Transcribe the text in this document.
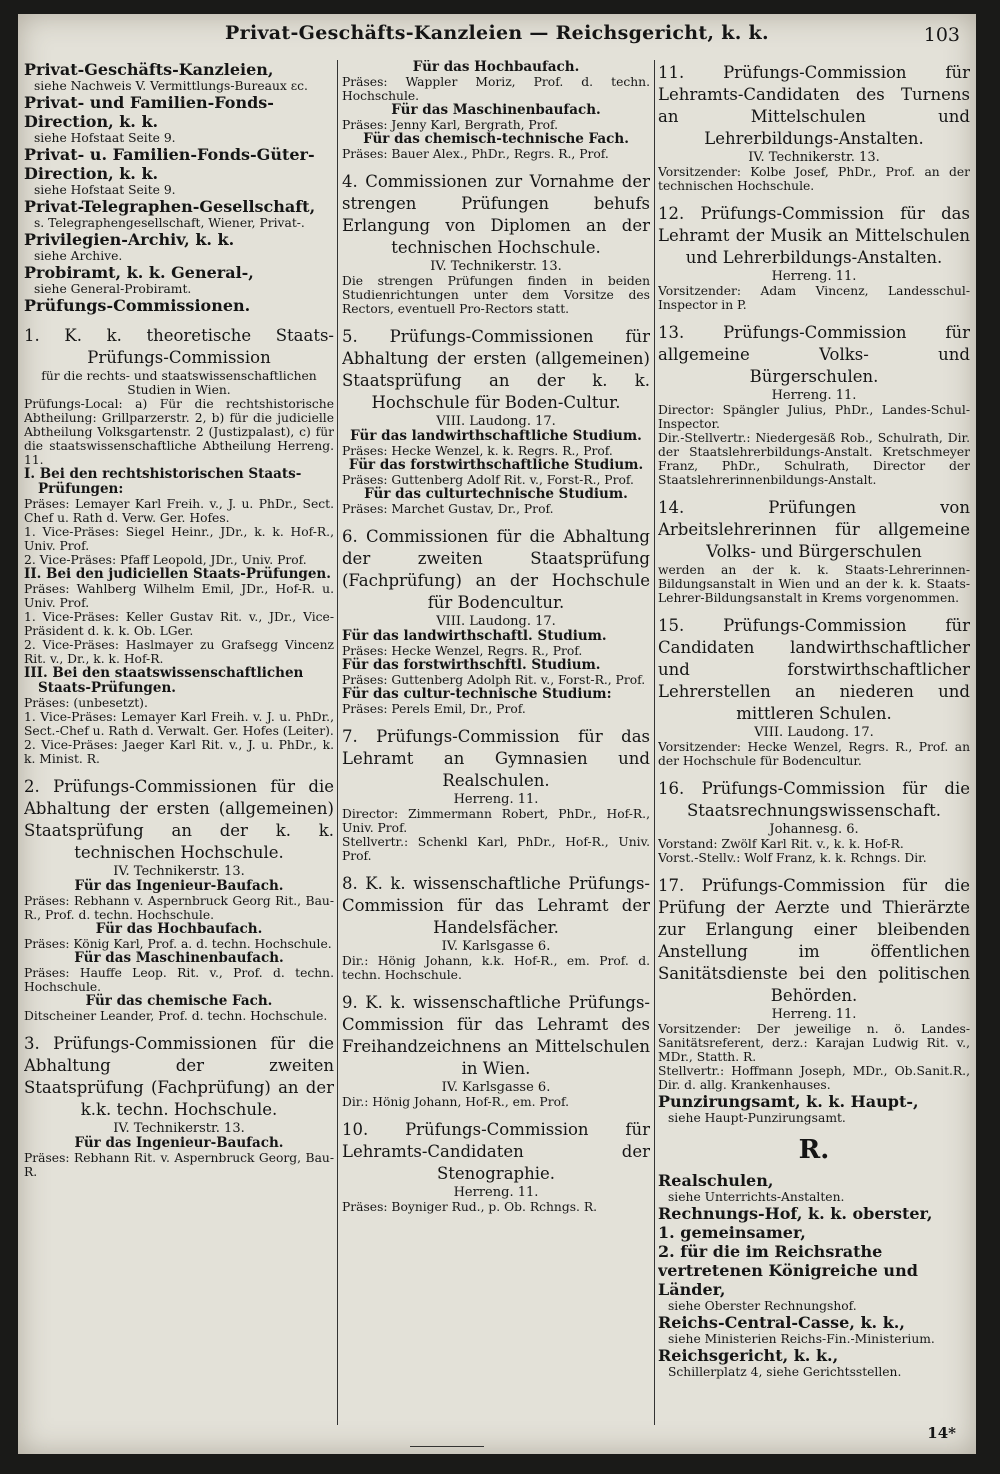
Privat-Geschäfts-Kanzleien — Reichsgericht, k. k.	103

Privat-Geschäfts-Kanzleien,

siehe Nachweis V. Vermittlungs-Bureaux ɛc.

Privat- und Familien-Fonds-Direction, k. k.

siehe Hofstaat Seite 9.

Privat- u. Familien-Fonds-Güter-Direction, k. k.

siehe Hofstaat Seite 9.

Privat-Telegraphen-Gesellschaft,

s. Telegraphengesellschaft, Wiener, Privat-.

Privilegien-Archiv, k. k.

siehe Archive.

Probiramt, k. k. General-,

siehe General-Probiramt.

Prüfungs-Commissionen.

1. K. k. theoretische Staats-Prüfungs-Commission

für die rechts- und staatswissenschaftlichen Studien in Wien.

Prüfungs-Local: a) Für die rechtshistorische Abtheilung: Grillparzerstr. 2, b) für die judicielle Abtheilung Volksgartenstr. 2 (Justizpalast), c) für die staatswissenschaftliche Abtheilung Herreng. 11.

I. Bei den rechtshistorischen Staats-Prüfungen:

Präses: Lemayer Karl Freih. v., J. u. PhDr., Sect. Chef u. Rath d. Verw. Ger. Hofes.

1. Vice-Präses: Siegel Heinr., JDr., k. k. Hof-R., Univ. Prof.

2. Vice-Präses: Pfaff Leopold, JDr., Univ. Prof.

II. Bei den judiciellen Staats-Prüfungen.

Präses: Wahlberg Wilhelm Emil, JDr., Hof-R. u. Univ. Prof.

1. Vice-Präses: Keller Gustav Rit. v., JDr., Vice-Präsident d. k. k. Ob. LGer.

2. Vice-Präses: Haslmayer zu Grafsegg Vincenz Rit. v., Dr., k. k. Hof-R.

III. Bei den staatswissenschaftlichen Staats-Prüfungen.

Präses: (unbesetzt).

1. Vice-Präses: Lemayer Karl Freih. v. J. u. PhDr., Sect.-Chef u. Rath d. Verwalt. Ger. Hofes (Leiter).

2. Vice-Präses: Jaeger Karl Rit. v., J. u. PhDr., k. k. Minist. R.

2. Prüfungs-Commissionen für die Abhaltung der ersten (allgemeinen) Staatsprüfung an der k. k. technischen Hochschule.

IV. Technikerstr. 13.

Für das Ingenieur-Baufach.

Präses: Rebhann v. Aspernbruck Georg Rit., Bau-R., Prof. d. techn. Hochschule.

Für das Hochbaufach.

Präses: König Karl, Prof. a. d. techn. Hochschule.

Für das Maschinenbaufach.

Präses: Hauffe Leop. Rit. v., Prof. d. techn. Hochschule.

Für das chemische Fach.

Ditscheiner Leander, Prof. d. techn. Hochschule.

3. Prüfungs-Commissionen für die Abhaltung der zweiten Staatsprüfung (Fachprüfung) an der k.k. techn. Hochschule.

IV. Technikerstr. 13.

Für das Ingenieur-Baufach.

Präses: Rebhann Rit. v. Aspernbruck Georg, Bau-R.

Für das Hochbaufach.

Präses: Wappler Moriz, Prof. d. techn. Hochschule.

Für das Maschinenbaufach.

Präses: Jenny Karl, Bergrath, Prof.

Für das chemisch-technische Fach.

Präses: Bauer Alex., PhDr., Regrs. R., Prof.

4. Commissionen zur Vornahme der strengen Prüfungen behufs Erlangung von Diplomen an der technischen Hochschule.

IV. Technikerstr. 13.

Die strengen Prüfungen finden in beiden Studienrichtungen unter dem Vorsitze des Rectors, eventuell Pro-Rectors statt.

5. Prüfungs-Commissionen für Abhaltung der ersten (allgemeinen) Staatsprüfung an der k. k. Hochschule für Boden-Cultur.

VIII. Laudong. 17.

Für das landwirthschaftliche Studium.

Präses: Hecke Wenzel, k. k. Regrs. R., Prof.

Für das forstwirthschaftliche Studium.

Präses: Guttenberg Adolf Rit. v., Forst-R., Prof.

Für das culturtechnische Studium.

Präses: Marchet Gustav, Dr., Prof.

6. Commissionen für die Abhaltung der zweiten Staatsprüfung (Fachprüfung) an der Hochschule für Bodencultur.

VIII. Laudong. 17.

Für das landwirthschaftl. Studium.

Präses: Hecke Wenzel, Regrs. R., Prof.

Für das forstwirthschftl. Studium.

Präses: Guttenberg Adolph Rit. v., Forst-R., Prof.

Für das cultur-technische Studium:

Präses: Perels Emil, Dr., Prof.

7. Prüfungs-Commission für das Lehramt an Gymnasien und Realschulen.

Herreng. 11.

Director: Zimmermann Robert, PhDr., Hof-R., Univ. Prof.

Stellvertr.: Schenkl Karl, PhDr., Hof-R., Univ. Prof.

8. K. k. wissenschaftliche Prüfungs-Commission für das Lehramt der Handelsfächer.

IV. Karlsgasse 6.

Dir.: Hönig Johann, k.k. Hof-R., em. Prof. d. techn. Hochschule.

9. K. k. wissenschaftliche Prüfungs-Commission für das Lehramt des Freihandzeichnens an Mittelschulen in Wien.

IV. Karlsgasse 6.

Dir.: Hönig Johann, Hof-R., em. Prof.

10. Prüfungs-Commission für Lehramts-Candidaten der Stenographie.

Herreng. 11.

Präses: Boyniger Rud., p. Ob. Rchngs. R.

11. Prüfungs-Commission für Lehramts-Candidaten des Turnens an Mittelschulen und Lehrerbildungs-Anstalten.

IV. Technikerstr. 13.

Vorsitzender: Kolbe Josef, PhDr., Prof. an der technischen Hochschule.

12. Prüfungs-Commission für das Lehramt der Musik an Mittelschulen und Lehrerbildungs-Anstalten.

Herreng. 11.

Vorsitzender: Adam Vincenz, Landesschul-Inspector in P.

13. Prüfungs-Commission für allgemeine Volks- und Bürgerschulen.

Herreng. 11.

Director: Spängler Julius, PhDr., Landes-Schul-Inspector.

Dir.-Stellvertr.: Niedergesäß Rob., Schulrath, Dir. der Staatslehrerbildungs-Anstalt. Kretschmeyer Franz, PhDr., Schulrath, Director der Staatslehrerinnenbildungs-Anstalt.

14. Prüfungen von Arbeitslehrerinnen für allgemeine Volks- und Bürgerschulen

werden an der k. k. Staats-Lehrerinnen-Bildungsanstalt in Wien und an der k. k. Staats-Lehrer-Bildungsanstalt in Krems vorgenommen.

15. Prüfungs-Commission für Candidaten landwirthschaftlicher und forstwirthschaftlicher Lehrerstellen an niederen und mittleren Schulen.

VIII. Laudong. 17.

Vorsitzender: Hecke Wenzel, Regrs. R., Prof. an der Hochschule für Bodencultur.

16. Prüfungs-Commission für die Staatsrechnungswissenschaft.

Johannesg. 6.

Vorstand: Zwölf Karl Rit. v., k. k. Hof-R.

Vorst.-Stellv.: Wolf Franz, k. k. Rchngs. Dir.

17. Prüfungs-Commission für die Prüfung der Aerzte und Thierärzte zur Erlangung einer bleibenden Anstellung im öffentlichen Sanitätsdienste bei den politischen Behörden.

Herreng. 11.

Vorsitzender: Der jeweilige n. ö. Landes-Sanitätsreferent, derz.: Karajan Ludwig Rit. v., MDr., Statth. R.

Stellvertr.: Hoffmann Joseph, MDr., Ob.Sanit.R., Dir. d. allg. Krankenhauses.

Punzirungsamt, k. k. Haupt-,

siehe Haupt-Punzirungsamt.

R.

Realschulen,

siehe Unterrichts-Anstalten.

Rechnungs-Hof, k. k. oberster,

1. gemeinsamer,

2. für die im Reichsrathe vertretenen Königreiche und Länder,

siehe Oberster Rechnungshof.

Reichs-Central-Casse, k. k.,

siehe Ministerien Reichs-Fin.-Ministerium.

Reichsgericht, k. k.,

Schillerplatz 4, siehe Gerichtsstellen.

14*
